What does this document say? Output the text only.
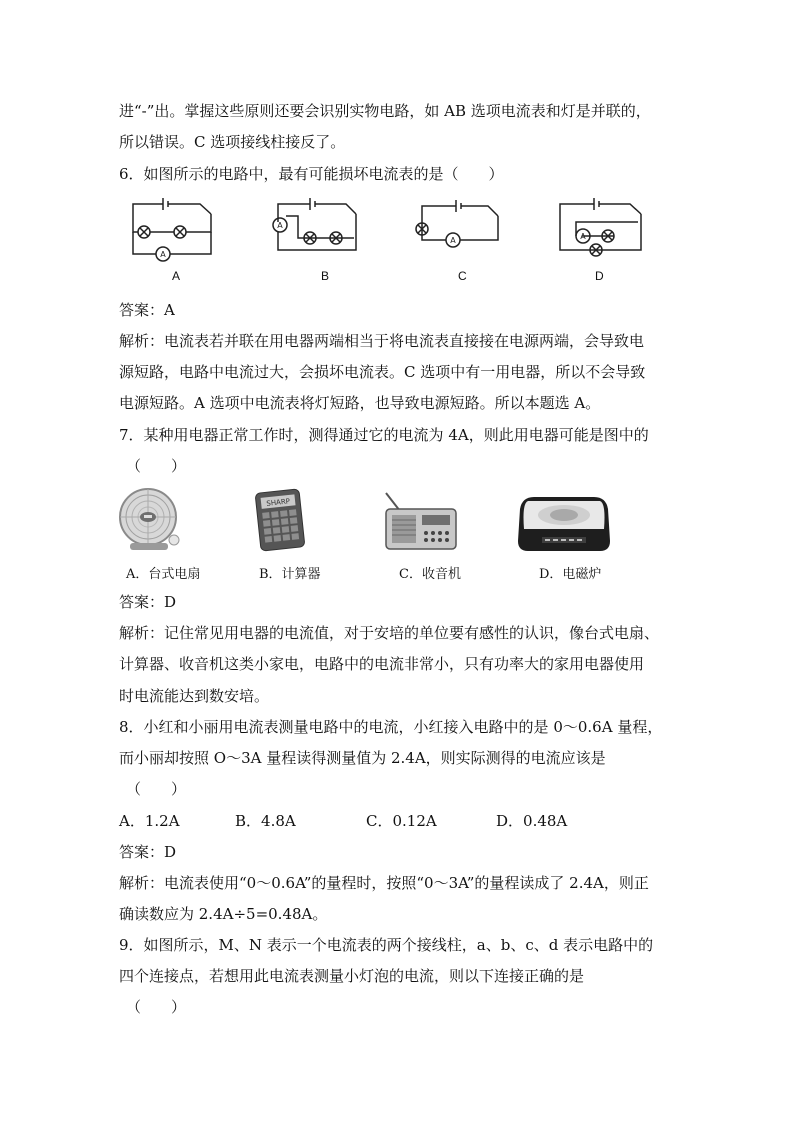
进“-”出。掌握这些原则还要会识别实物电路，如 AB 选项电流表和灯是并联的，
所以错误。C 选项接线柱接反了。
6．如图所示的电路中，最有可能损坏电流表的是（　　）
A
A
A	A
A	B	C	D
答案：A
解析：电流表若并联在用电器两端相当于将电流表直接接在电源两端，会导致电
源短路，电路中电流过大，会损坏电流表。C 选项中有一用电器，所以不会导致
电源短路。A 选项中电流表将灯短路，也导致电源短路。所以本题选 A。
7．某种用电器正常工作时，测得通过它的电流为 4A，则此用电器可能是图中的
（　　）
SHARP
A．台式电扇	B．计算器	C．收音机	D．电磁炉
答案：D
解析：记住常见用电器的电流值，对于安培的单位要有感性的认识，像台式电扇、
计算器、收音机这类小家电，电路中的电流非常小，只有功率大的家用电器使用
时电流能达到数安培。
8．小红和小丽用电流表测量电路中的电流，小红接入电路中的是 0～0.6A 量程，
而小丽却按照 O～3A 量程读得测量值为 2.4A，则实际测得的电流应该是
（　　）
A．1.2A	B．4.8A	C．0.12A	D．0.48A
答案：D
解析：电流表使用“0～0.6A”的量程时，按照“0～3A”的量程读成了 2.4A，则正
确读数应为 2.4A÷5=0.48A。
9．如图所示，M、N 表示一个电流表的两个接线柱，a、b、c、d 表示电路中的
四个连接点，若想用此电流表测量小灯泡的电流，则以下连接正确的是
（　　）
